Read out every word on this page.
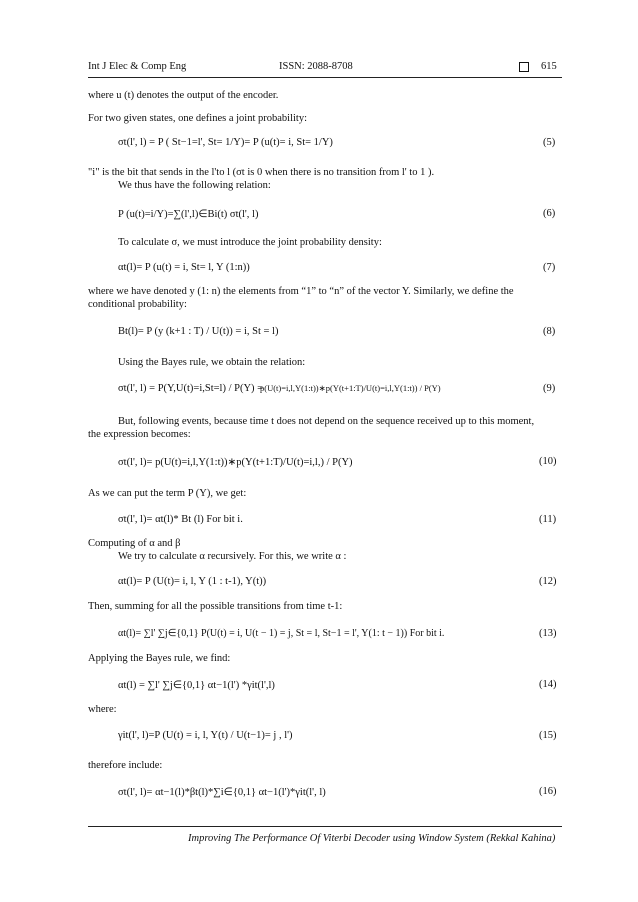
Int J Elec & Comp Eng	ISSN: 2088-8708	615
where u (t) denotes the output of the encoder.
For two given states, one defines a joint probability:
σt(l', l) = P ( St−1=l', St= 1/Y)= P (u(t)= i, St= 1/Y)
"i" is the bit that sends in the l'to l (σt is 0 when there is no transition from l' to 1 ).
We thus have the following relation:
P (u(t)=i/Y)=∑(l',l)∈Bi(t) σt(l', l)
To calculate σ, we must introduce the joint probability density:
αt(l)= P (u(t) = i, St= l, Y (1:n))
where we have denoted y (1: n) the elements from “1” to “n” of the vector Y. Similarly, we define the
conditional probability:
Bt(l)= P (y (k+1 : T) / U(t)) = i, St = l)
Using the Bayes rule, we obtain the relation:
σt(l', l) = P(Y,U(t)=i,St=l) / P(Y) =
p(U(t)=i,l,Y(1:t))∗p(Y(t+1:T)/U(t)=i,l,Y(1:t)) / P(Y)
But, following events, because time t does not depend on the sequence received up to this moment,
the expression becomes:
σt(l', l)= p(U(t)=i,l,Y(1:t))∗p(Y(t+1:T)/U(t)=i,l,) / P(Y)
As we can put the term P (Y), we get:
σt(l', l)= αt(l)* Bt (l) For bit i.
Computing of α and β
We try to calculate α recursively. For this, we write α :
αt(l)= P (U(t)= i, l, Y (1 : t-1), Y(t))
Then, summing for all the possible transitions from time t-1:
αt(l)= ∑l' ∑j∈{0,1} P(U(t) = i, U(t − 1) = j, St = l, St−1 = l', Y(1: t − 1)) For bit i.
Applying the Bayes rule, we find:
αt(l) = ∑l' ∑j∈{0,1} αt−1(l') *γit(l',l)
where:
γit(l', l)=P (U(t) = i, l, Y(t) / U(t−1)= j , l')
therefore include:
σt(l', l)= αt−1(l)*βt(l)*∑i∈{0,1} αt−1(l')*γit(l', l)
(5)
(6)
(7)
(8)
(9)
(10)
(11)
(12)
(13)
(14)
(15)
(16)
Improving The Performance Of Viterbi Decoder using Window System (Rekkal Kahina)
